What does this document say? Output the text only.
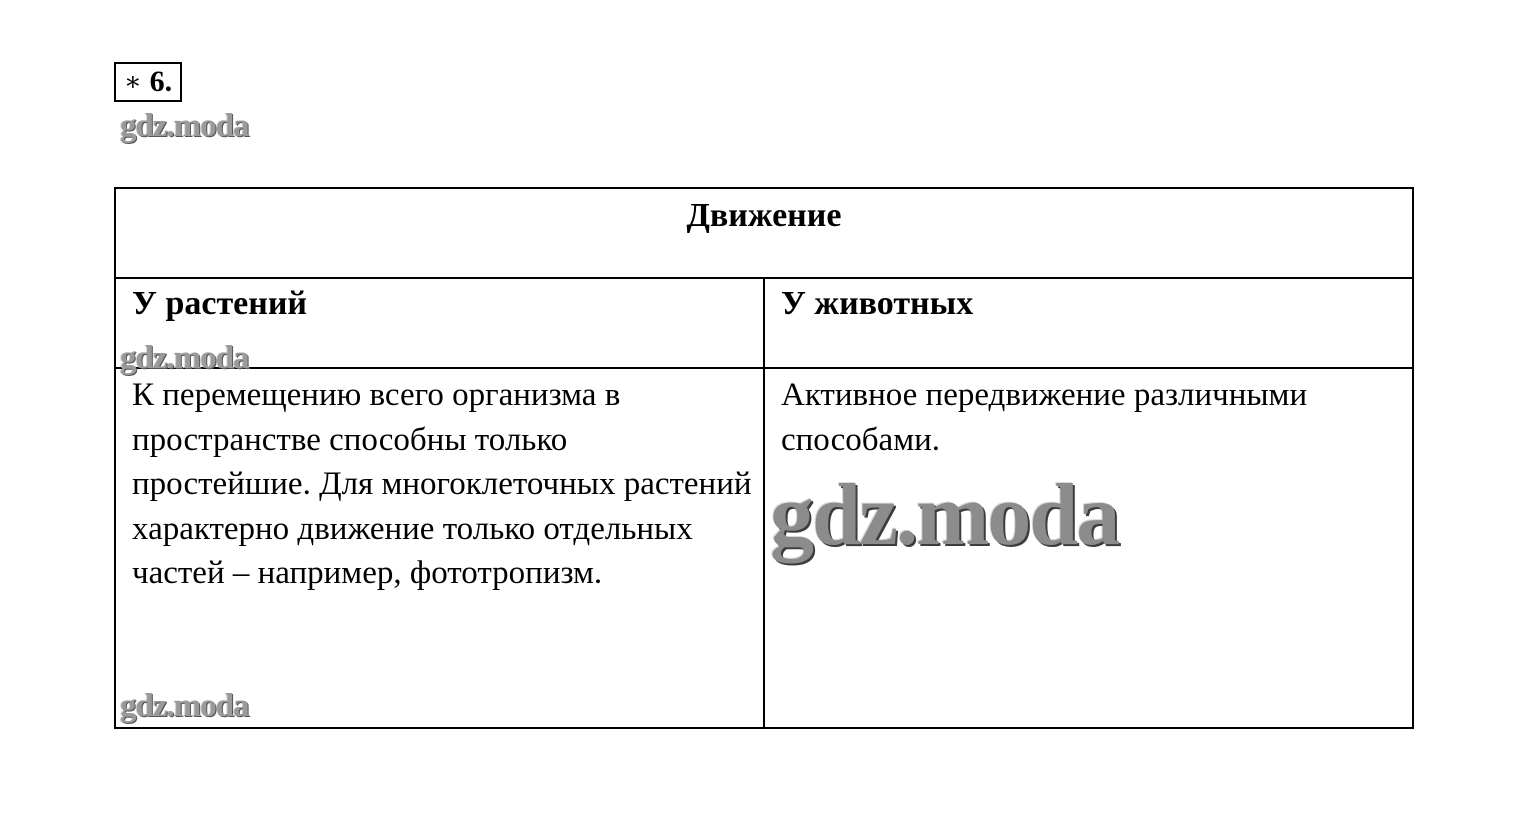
∗ 6.
gdz.moda
Движение	
У растений	У животных
К перемещению всего организма в пространстве способны только простейшие. Для многоклеточных растений характерно движение только отдельных частей – например, фототропизм.	Активное передвижение различными способами.
gdz.moda
gdz.moda
gdz.moda
